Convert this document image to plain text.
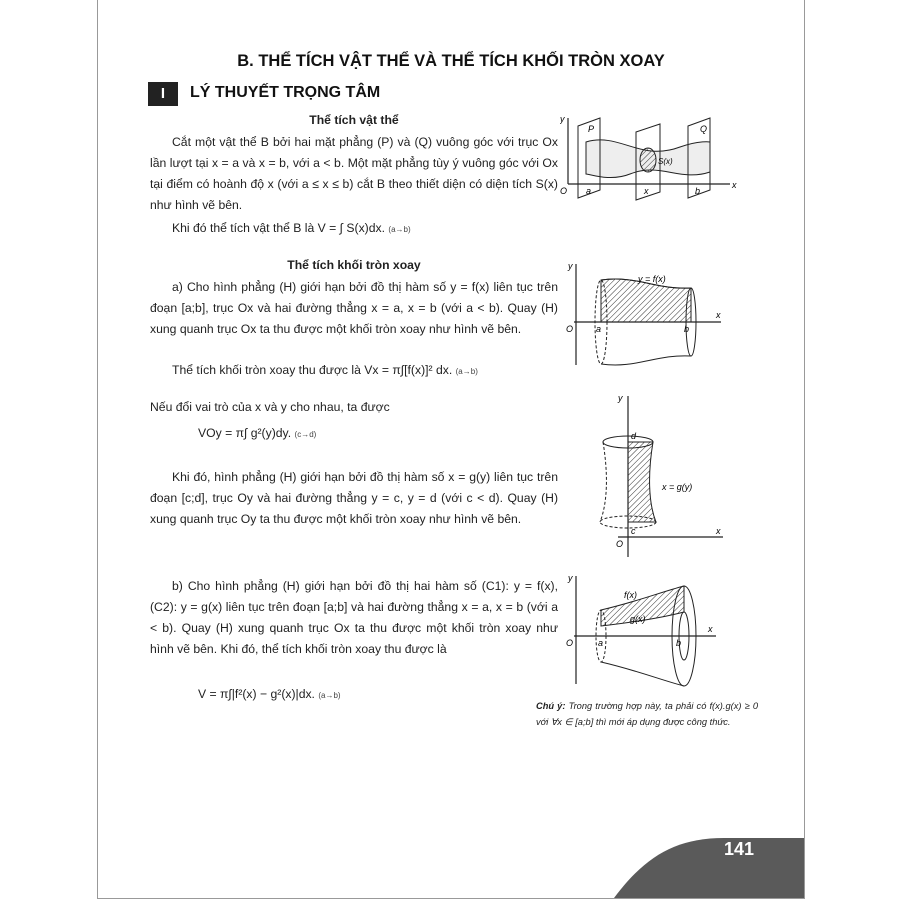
B. THỂ TÍCH VẬT THỂ VÀ THỂ TÍCH KHỐI TRÒN XOAY
I	LÝ THUYẾT TRỌNG TÂM
Thể tích vật thể
Cắt một vật thể B bởi hai mặt phẳng (P) và (Q) vuông góc với trục Ox lần lượt tại x = a và x = b, với a < b. Một mặt phẳng tùy ý vuông góc với Ox tại điểm có hoành độ x (với a ≤ x ≤ b) cắt B theo thiết diện có diện tích S(x) như hình vẽ bên.
Khi đó thể tích vật thể B là V = ∫ S(x)dx. (a→b)
Thể tích khối tròn xoay
a) Cho hình phẳng (H) giới hạn bởi đồ thị hàm số y = f(x) liên tục trên đoạn [a;b], trục Ox và hai đường thẳng x = a, x = b (với a < b). Quay (H) xung quanh trục Ox ta thu được một khối tròn xoay như hình vẽ bên.
Thể tích khối tròn xoay thu được là Vx = π∫[f(x)]² dx. (a→b)
Nếu đổi vai trò của x và y cho nhau, ta được
VOy = π∫ g²(y)dy. (c→d)
Khi đó, hình phẳng (H) giới hạn bởi đồ thị hàm số x = g(y) liên tục trên đoạn [c;d], trục Oy và hai đường thẳng y = c, y = d (với c < d). Quay (H) xung quanh trục Oy ta thu được một khối tròn xoay như hình vẽ bên.
b) Cho hình phẳng (H) giới hạn bởi đồ thị hai hàm số (C1): y = f(x), (C2): y = g(x) liên tục trên đoạn [a;b] và hai đường thẳng x = a, x = b (với a < b). Quay (H) xung quanh trục Ox ta thu được một khối tròn xoay như hình vẽ bên. Khi đó, thể tích khối tròn xoay thu được là
V = π∫|f²(x) − g²(x)|dx. (a→b)
y
O
x
a	x	b
P	Q
S(x)
y
O
x
a	b
y = f(x)
y
O
x
c
d
x = g(y)
y
O
x
a	b
f(x)
g(x)
Chú ý: Trong trường hợp này, ta phải có f(x).g(x) ≥ 0 với ∀x ∈ [a;b] thì mới áp dụng được công thức.
141
